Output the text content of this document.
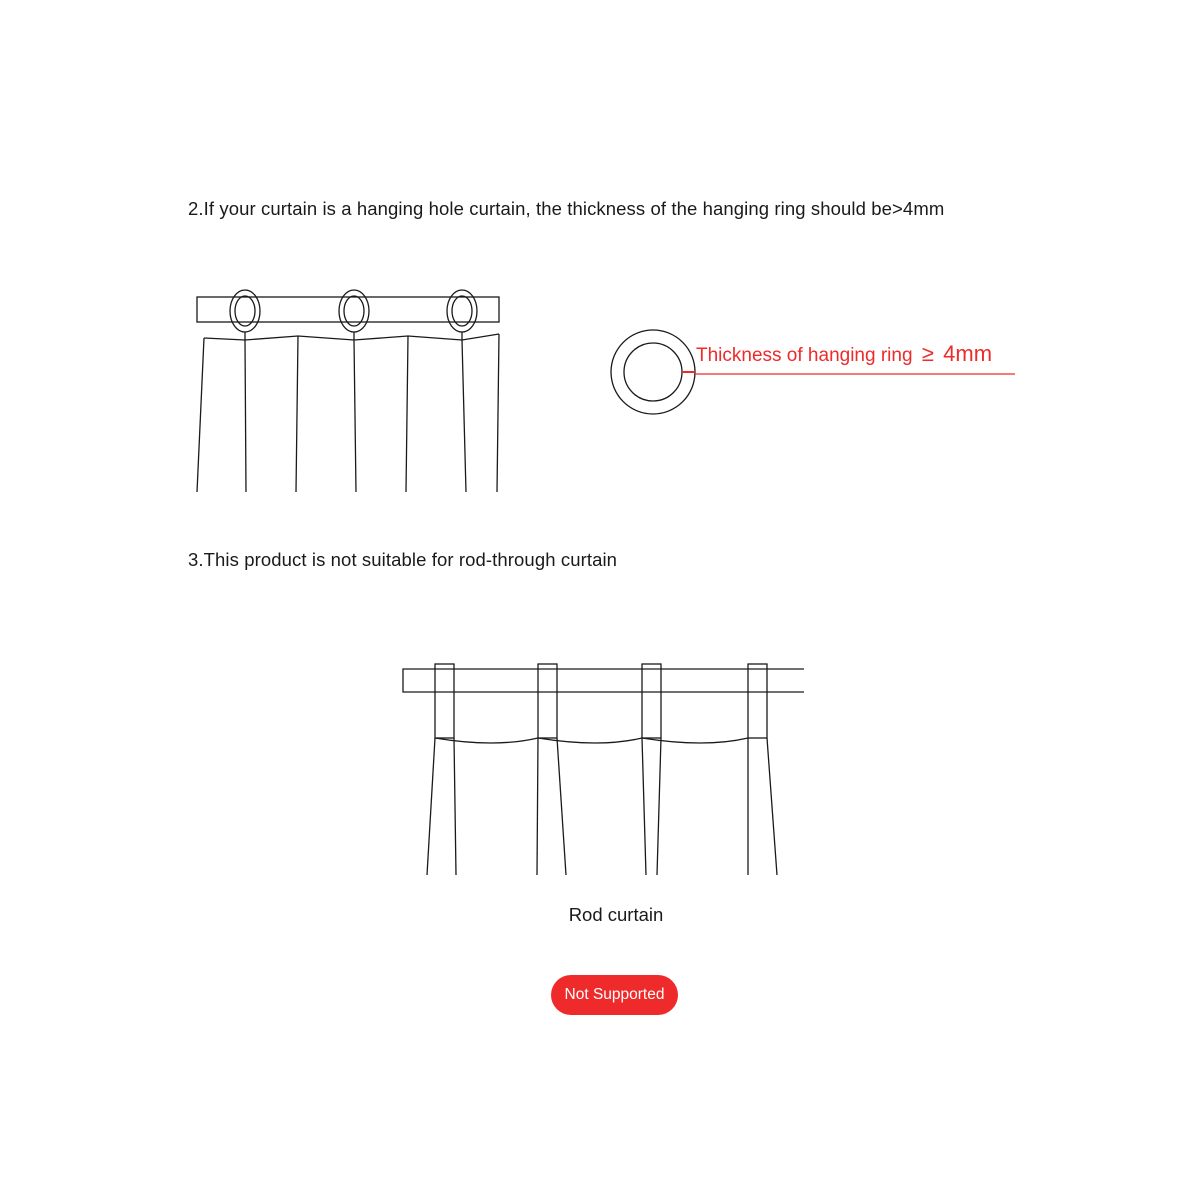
2.If your curtain is a hanging hole curtain, the thickness of the hanging ring should be>4mm

Thickness of hanging ring ≥ 4mm

3.This product is not suitable for rod-through curtain

Rod curtain

Not Supported
